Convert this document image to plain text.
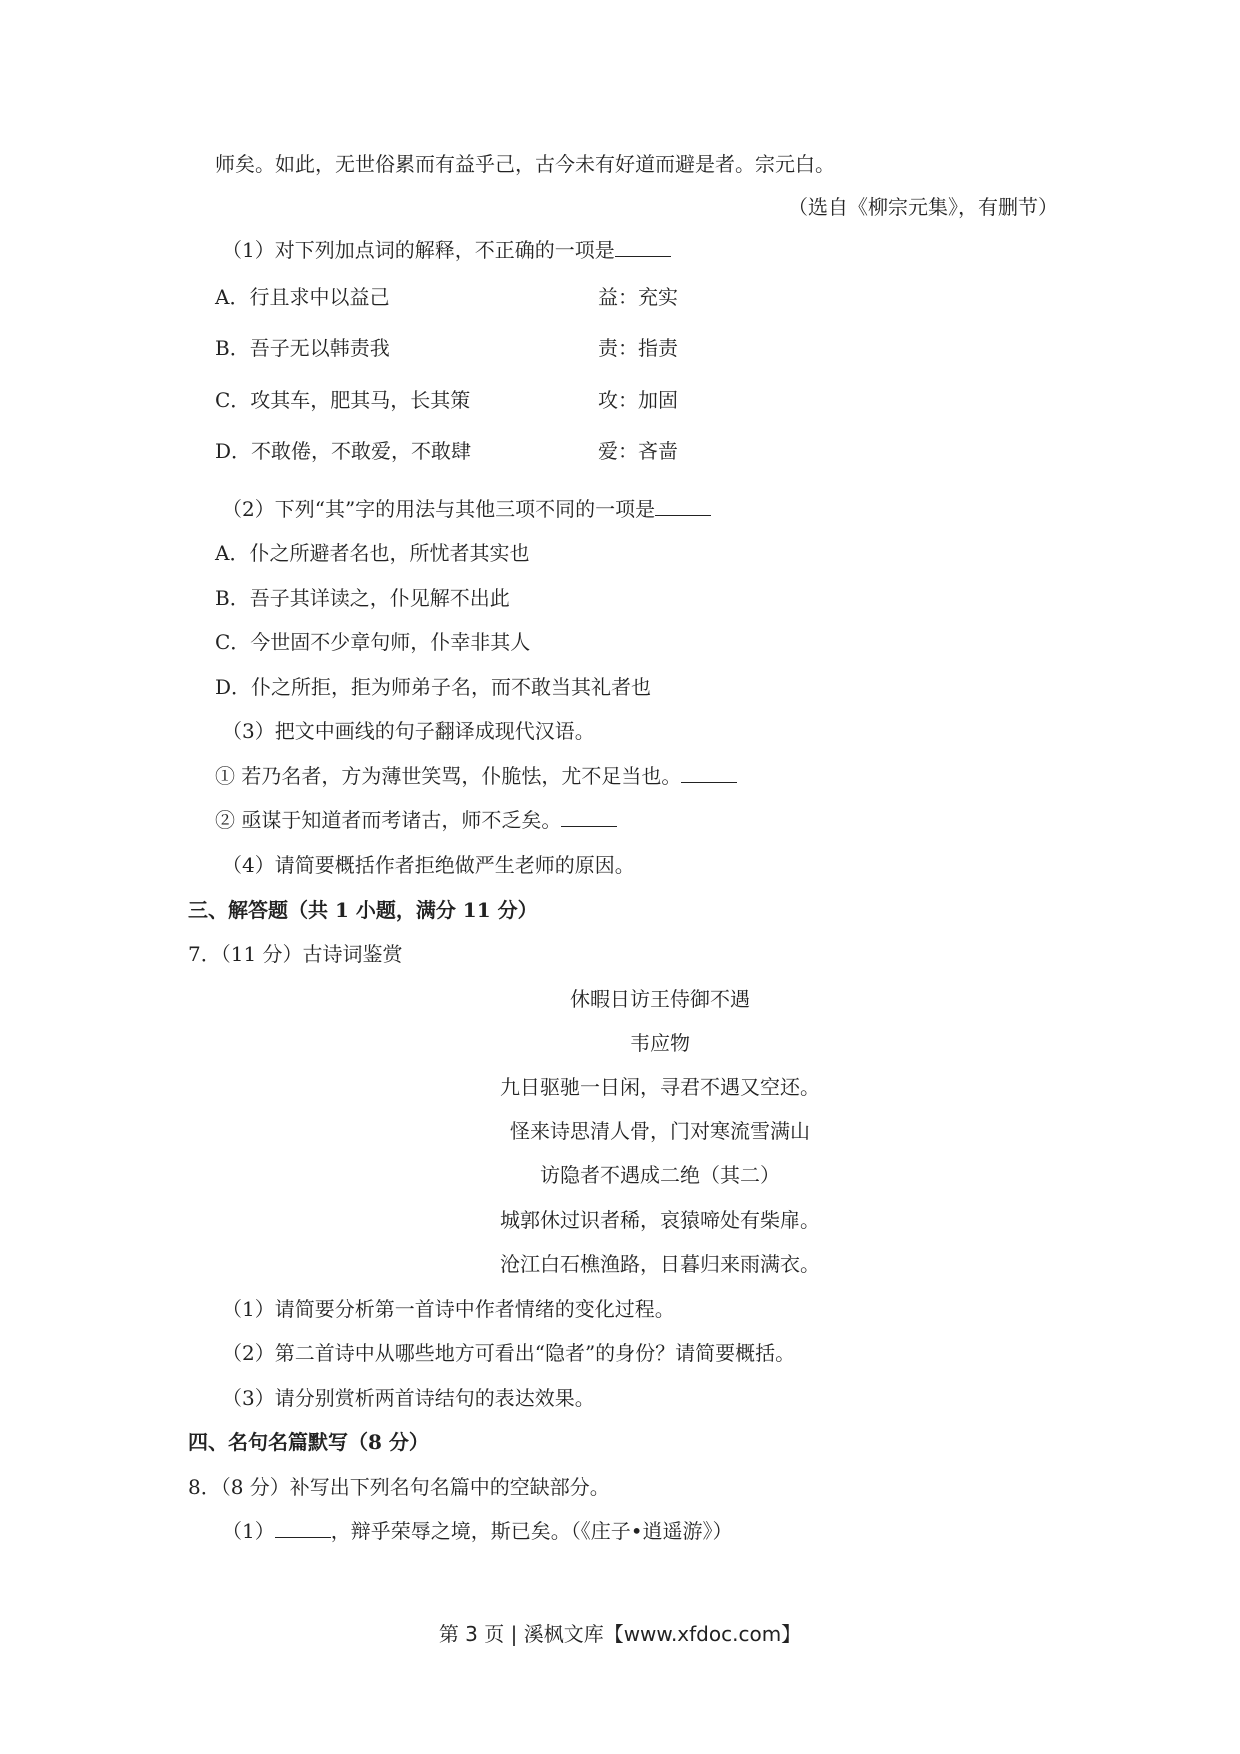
师矣。如此，无世俗累而有益乎己，古今未有好道而避是者。宗元白。
（选自《柳宗元集》，有删节）
（1）对下列加点词的解释，不正确的一项是
A．行且求中以益己	益：充实
B．吾子无以韩责我	责：指责
C．攻其车，肥其马，长其策	攻：加固
D．不敢倦，不敢爱，不敢肆	爱：吝啬
（2）下列“其”字的用法与其他三项不同的一项是
A．仆之所避者名也，所忧者其实也
B．吾子其详读之，仆见解不出此
C．今世固不少章句师，仆幸非其人
D．仆之所拒，拒为师弟子名，而不敢当其礼者也
（3）把文中画线的句子翻译成现代汉语。
① 若乃名者，方为薄世笑骂，仆脆怯，尤不足当也。
② 亟谋于知道者而考诸古，师不乏矣。
（4）请简要概括作者拒绝做严生老师的原因。
三、解答题（共 1 小题，满分 11 分）
7．（11 分）古诗词鉴赏
休暇日访王侍御不遇
韦应物
九日驱驰一日闲，寻君不遇又空还。
怪来诗思清人骨，门对寒流雪满山
访隐者不遇成二绝（其二）
城郭休过识者稀，哀猿啼处有柴扉。
沧江白石樵渔路，日暮归来雨满衣。
（1）请简要分析第一首诗中作者情绪的变化过程。
（2）第二首诗中从哪些地方可看出“隐者”的身份？请简要概括。
（3）请分别赏析两首诗结句的表达效果。
四、名句名篇默写（8 分）
8．（8 分）补写出下列名句名篇中的空缺部分。
（1）	，辩乎荣辱之境，斯已矣。（《庄子•逍遥游》）
第 3 页 | 溪枫文库【www.xfdoc.com】
